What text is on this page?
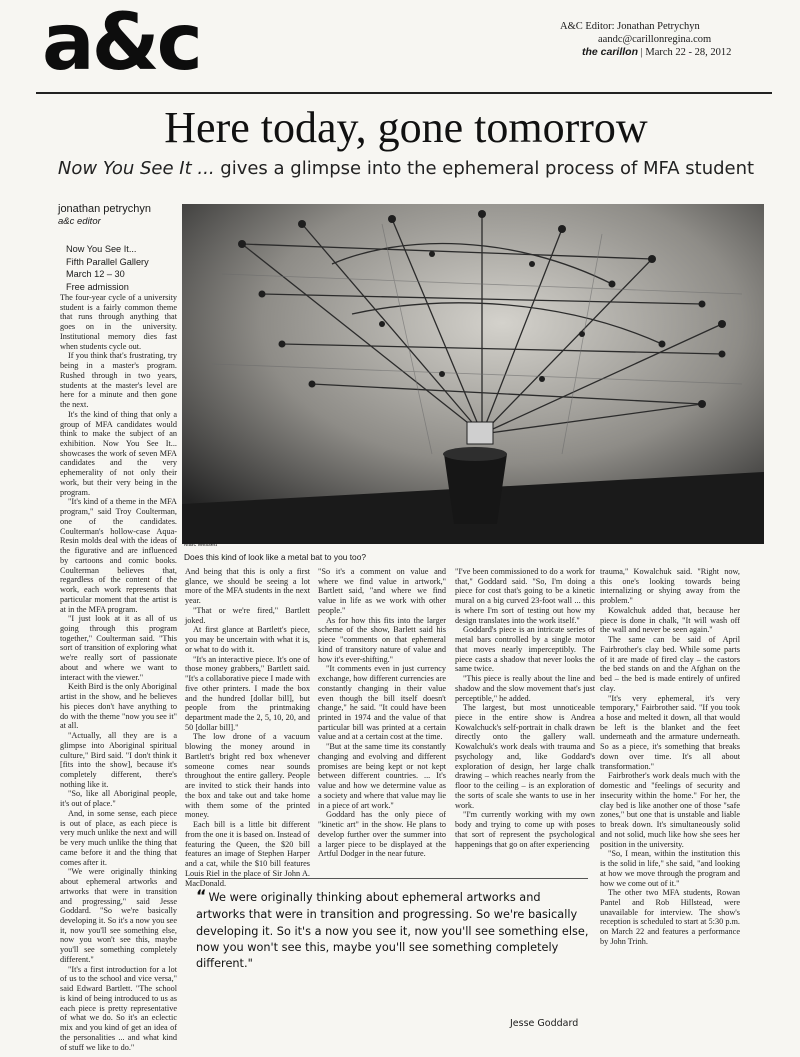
a&c	A&C Editor: Jonathan Petrychyn
aandc@carillonregina.com
the carillon | March 22 - 28, 2012
Here today, gone tomorrow
Now You See It ... gives a glimpse into the ephemeral process of MFA student
jonathan petrychyn
a&c editor
Now You See It...
Fifth Parallel Gallery
March 12 – 30
Free admission
Marc Messett
Does this kind of look like a metal bat to you too?

The four-year cycle of a university student is a fairly common theme that runs through anything that goes on in the university. Institutional memory dies fast when students cycle out.

If you think that's frustrating, try being in a master's program. Rushed through in two years, students at the master's level are here for a minute and then gone the next.

It's the kind of thing that only a group of MFA candidates would think to make the subject of an exhibition. Now You See It... showcases the work of seven MFA candidates and the very ephemerality of not only their work, but their very being in the program.

"It's kind of a theme in the MFA program," said Troy Coulterman, one of the candidates. Coulterman's hollow-case Aqua-Resin molds deal with the ideas of the figurative and are influenced by cartoons and comic books. Coulterman believes that, regardless of the content of the work, each work represents that particular moment that the artist is at in the MFA program.

"I just look at it as all of us going through this program together," Coulterman said. "This sort of transition of exploring what we're really sort of passionate about and where we want to interact with the viewer."

Keith Bird is the only Aboriginal artist in the show, and he believes his pieces don't have anything to do with the theme "now you see it" at all.

"Actually, all they are is a glimpse into Aboriginal spiritual culture," Bird said. "I don't think it [fits into the show], because it's completely different, there's nothing like it.

"So, like all Aboriginal people, it's out of place."

And, in some sense, each piece is out of place, as each piece is very much unlike the next and will be very much unlike the thing that came before it and the thing that comes after it.

"We were originally thinking about ephemeral artworks and artworks that were in transition and progressing," said Jesse Goddard. "So we're basically developing it. So it's a now you see it, now you'll see something else, now you won't see this, maybe you'll see something completely different."

"It's a first introduction for a lot of us to the school and vice versa," said Edward Bartlett. "The school is kind of being introduced to us as each piece is pretty representative of what we do. So it's an eclectic mix and you kind of get an idea of the personalities ... and what kind of stuff we like to do."

And being that this is only a first glance, we should be seeing a lot more of the MFA students in the next year.

"That or we're fired," Bartlett joked.

At first glance at Bartlett's piece, you may be uncertain with what it is, or what to do with it.

"It's an interactive piece. It's one of those money grabbers," Bartlett said. "It's a collaborative piece I made with five other printers. I made the box and the hundred [dollar bill], but people from the printmaking department made the 2, 5, 10, 20, and 50 [dollar bill]."

The low drone of a vacuum blowing the money around in Bartlett's bright red box whenever someone comes near sounds throughout the entire gallery. People are invited to stick their hands into the box and take out and take home with them some of the printed money.

Each bill is a little bit different from the one it is based on. Instead of featuring the Queen, the $20 bill features an image of Stephen Harper and a cat, while the $10 bill features Louis Riel in the place of Sir John A. MacDonald.

"So it's a comment on value and where we find value in artwork," Bartlett said, "and where we find value in life as we work with other people."

As for how this fits into the larger scheme of the show, Barlett said his piece "comments on that ephemeral kind of transitory nature of value and how it's ever-shifting."

"It comments even in just currency exchange, how different currencies are constantly changing in their value even though the bill itself doesn't change," he said. "It could have been printed in 1974 and the value of that particular bill was printed at a certain value and at a certain cost at the time.

"But at the same time its constantly changing and evolving and different promises are being kept or not kept between different countries. ... It's value and how we determine value as a society and where that value may lie in a piece of art work."

Goddard has the only piece of "kinetic art" in the show. He plans to develop further over the summer into a larger piece to be displayed at the Artful Dodger in the near future.

"I've been commissioned to do a work for that," Goddard said. "So, I'm doing a piece for cost that's going to be a kinetic mural on a big curved 23-foot wall ... this is where I'm sort of testing out how my design translates into the work itself."

Goddard's piece is an intricate series of metal bars controlled by a single motor that moves nearly imperceptibly. The piece casts a shadow that never looks the same twice.

"This piece is really about the line and shadow and the slow movement that's just perceptible," he added.

The largest, but most unnoticeable piece in the entire show is Andrea Kowalchuck's self-portrait in chalk drawn directly onto the gallery wall. Kowalchuk's work deals with trauma and psychology and, like Goddard's exploration of design, her large chalk drawing – which reaches nearly from the floor to the ceiling – is an exploration of the sorts of scale she wants to use in her work.

"I'm currently working with my own body and trying to come up with poses that sort of represent the psychological happenings that go on after experiencing

trauma," Kowalchuk said. "Right now, this one's looking towards being internalizing or shying away from the problem."

Kowalchuk added that, because her piece is done in chalk, "It will wash off the wall and never be seen again."

The same can be said of April Fairbrother's clay bed. While some parts of it are made of fired clay – the castors the bed stands on and the Afghan on the bed – the bed is made entirely of unfired clay.

"It's very ephemeral, it's very temporary," Fairbrother said. "If you took a hose and melted it down, all that would be left is the blanket and the feet underneath and the armature underneath. So as a piece, it's something that breaks down over time. It's all about transformation."

Fairbrother's work deals much with the domestic and "feelings of security and insecurity within the home." For her, the clay bed is like another one of those "safe zones," but one that is unstable and liable to break down. It's simultaneously solid and not solid, much like how she sees her position in the university.

"So, I mean, within the institution this is the solid in life," she said, "and looking at how we move through the program and how we come out of it."

The other two MFA students, Rowan Pantel and Rob Hillstead, were unavailable for interview. The show's reception is scheduled to start at 5:30 p.m. on March 22 and features a performance by John Trinh.

“ We were originally thinking about ephemeral artworks and artworks that were in transition and progressing. So we're basically developing it. So it's a now you see it, now you'll see something else, now you won't see this, maybe you'll see something completely different."
Jesse Goddard
